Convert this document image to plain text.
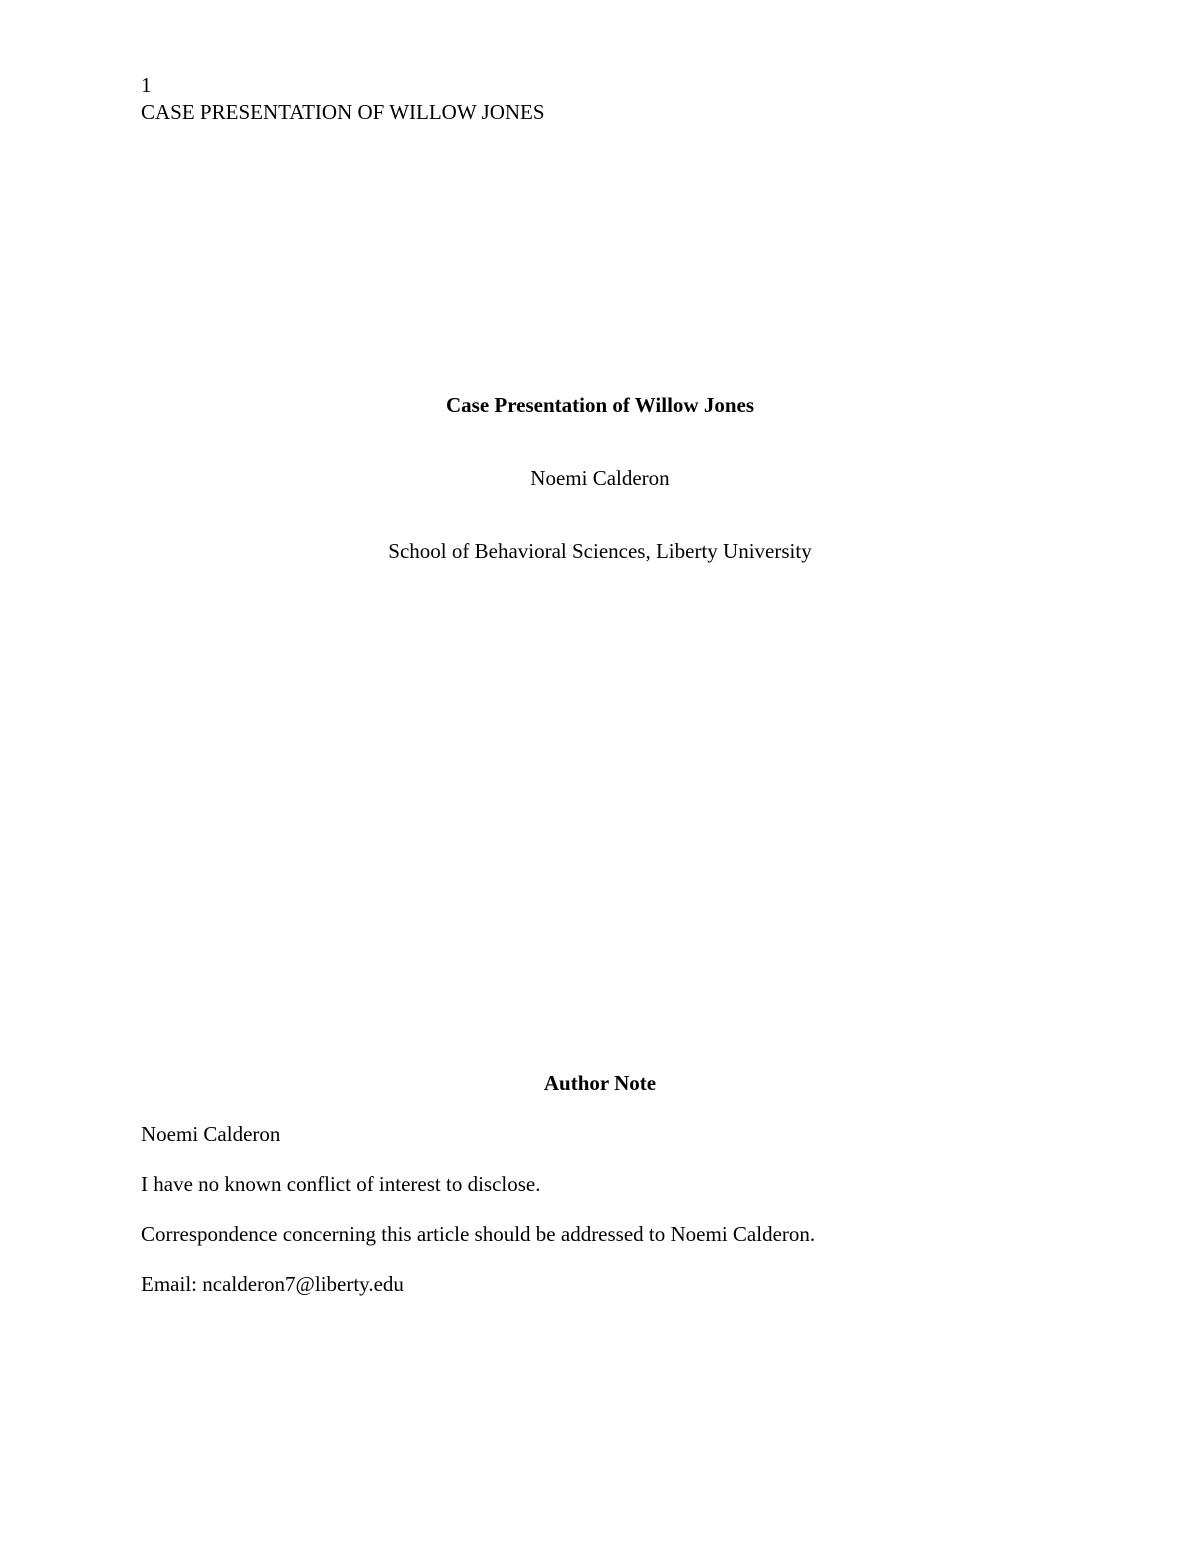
1
CASE PRESENTATION OF WILLOW JONES
Case Presentation of Willow Jones
Noemi Calderon
School of Behavioral Sciences, Liberty University
Author Note

Noemi Calderon

I have no known conflict of interest to disclose.

Correspondence concerning this article should be addressed to Noemi Calderon.

Email: ncalderon7@liberty.edu
